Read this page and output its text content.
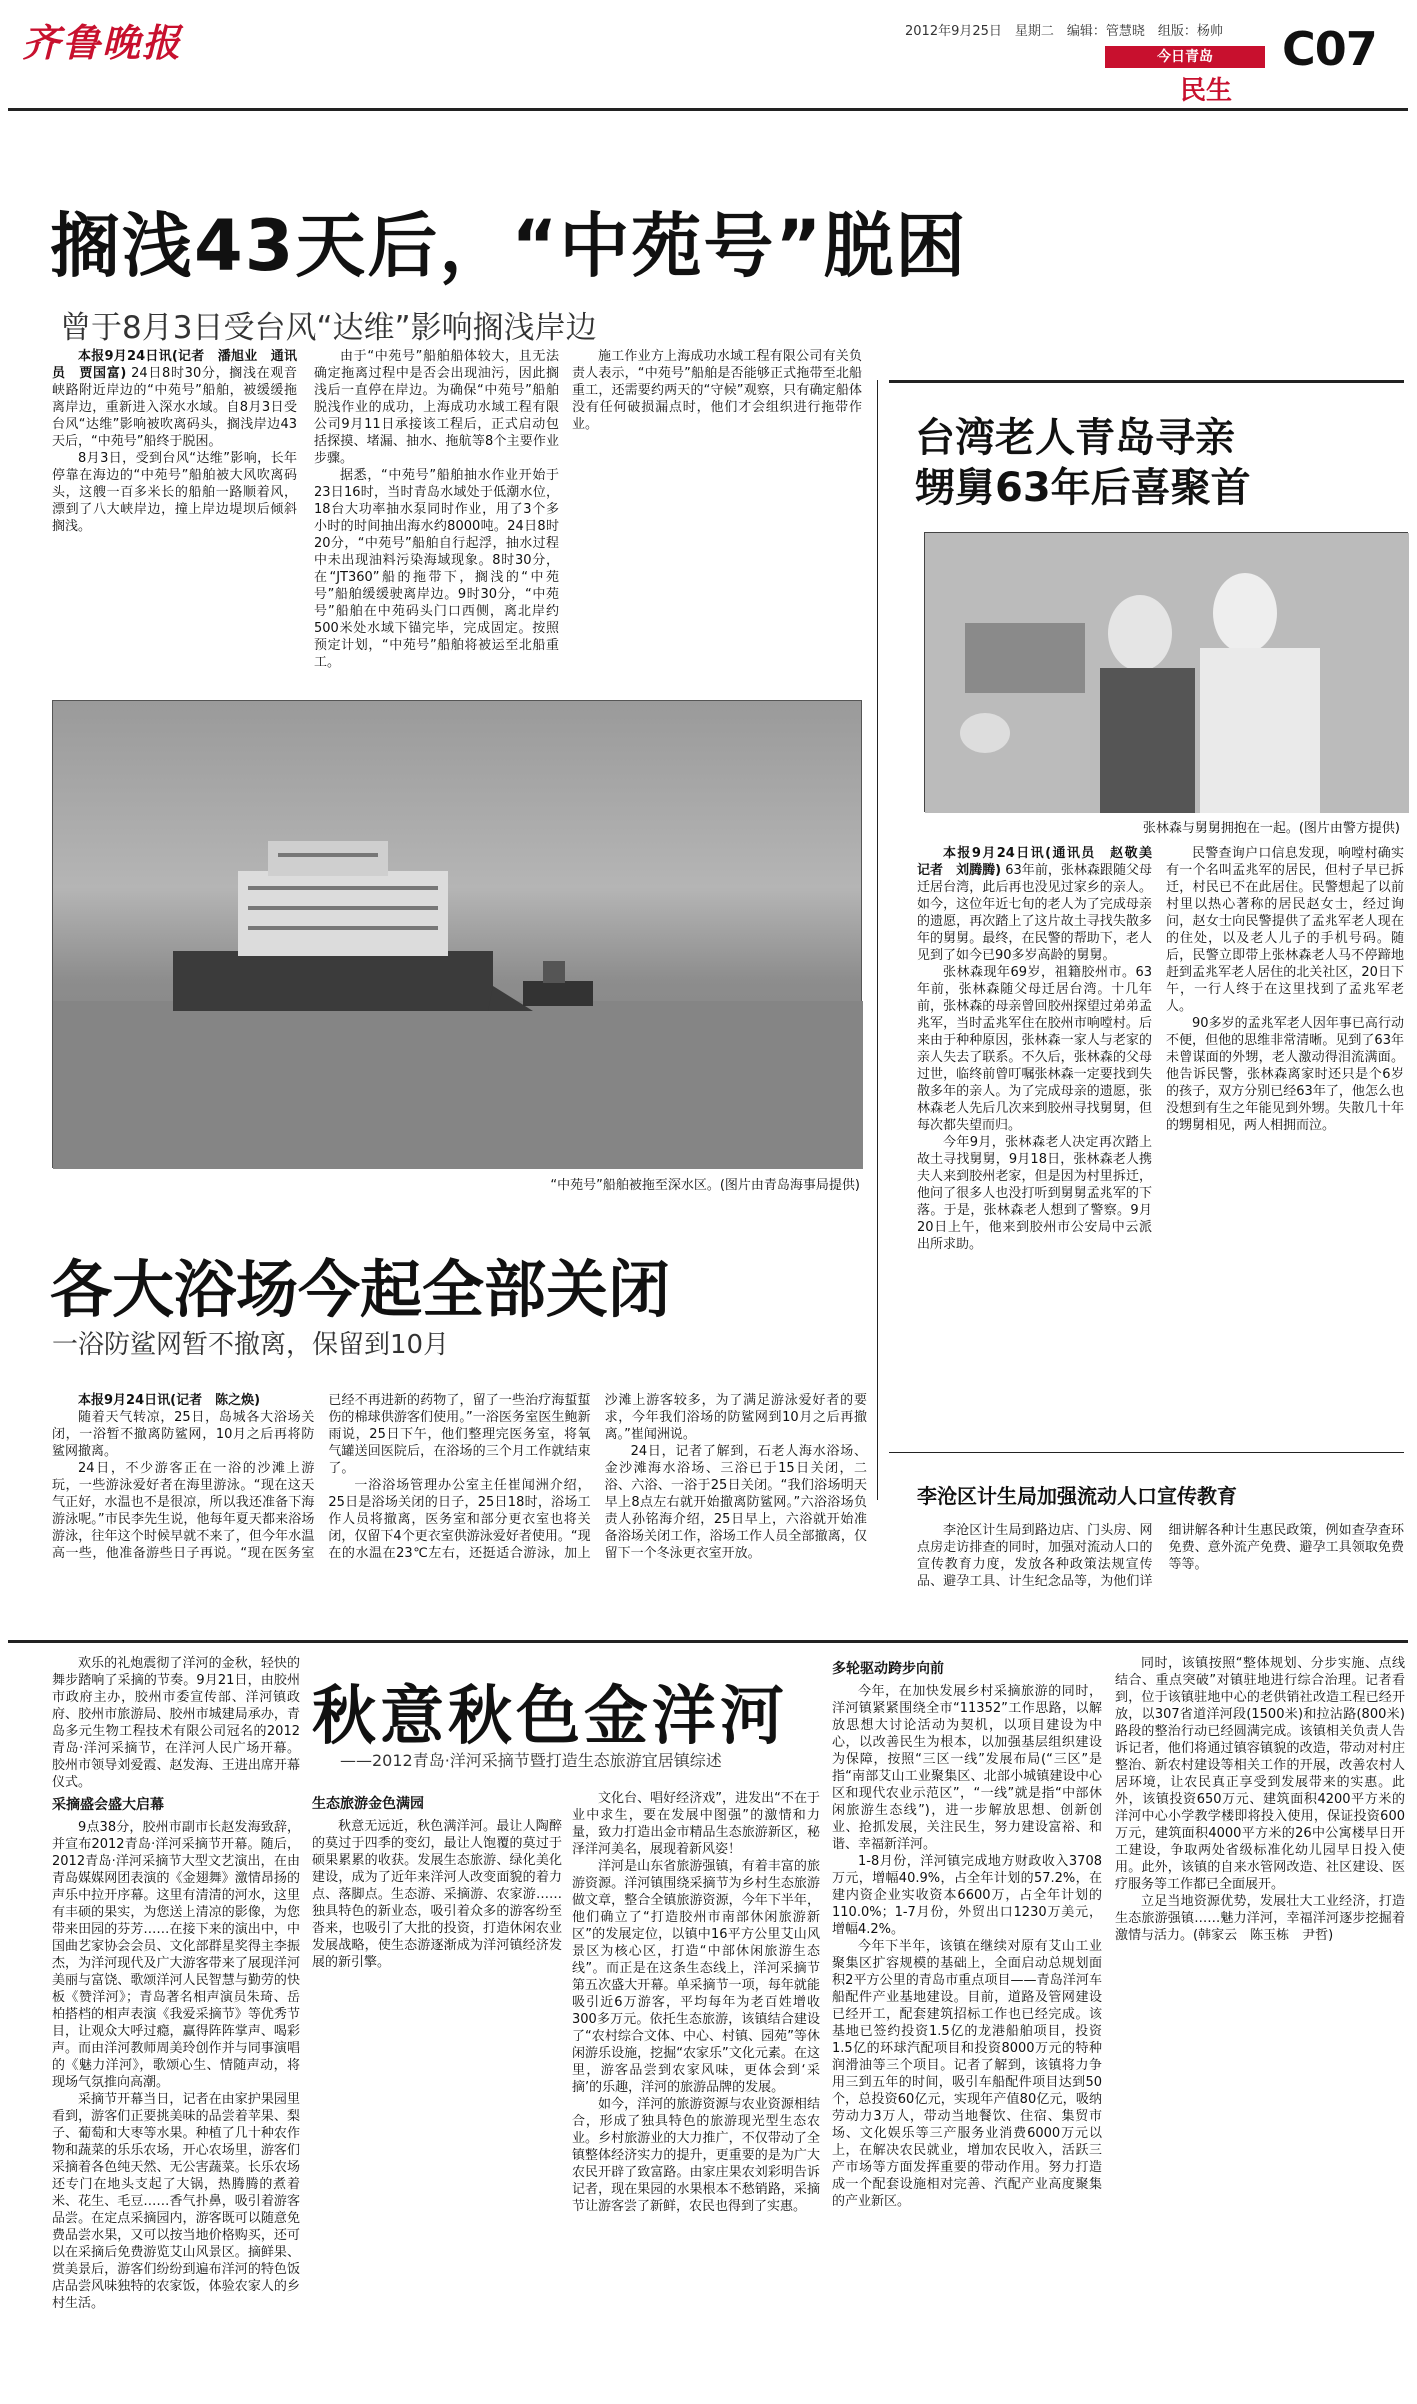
齐鲁晚报	2012年9月25日　星期二　编辑：管慧晓　组版：杨帅
今日青岛
民生
C07
搁浅43天后，“中苑号”脱困
曾于8月3日受台风“达维”影响搁浅岸边

本报9月24日讯(记者　潘旭业　通讯员　贾国富) 24日8时30分，搁浅在观音峡路附近岸边的“中苑号”船舶，被缓缓拖离岸边，重新进入深水水域。自8月3日受台风“达维”影响被吹离码头，搁浅岸边43天后，“中苑号”船终于脱困。

8月3日，受到台风“达维”影响，长年停靠在海边的“中苑号”船舶被大风吹离码头，这艘一百多米长的船舶一路顺着风，漂到了八大峡岸边，撞上岸边堤坝后倾斜搁浅。

由于“中苑号”船舶船体较大，且无法确定拖离过程中是否会出现油污，因此搁浅后一直停在岸边。为确保“中苑号”船舶脱浅作业的成功，上海成功水域工程有限公司9月11日承接该工程后，正式启动包括探摸、堵漏、抽水、拖航等8个主要作业步骤。

据悉，“中苑号”船舶抽水作业开始于23日16时，当时青岛水域处于低潮水位，18台大功率抽水泵同时作业，用了3个多小时的时间抽出海水约8000吨。24日8时20分，“中苑号”船舶自行起浮，抽水过程中未出现油料污染海域现象。8时30分，在“JT360”船的拖带下，搁浅的“中苑号”船舶缓缓驶离岸边。9时30分，“中苑号”船舶在中苑码头门口西侧，离北岸约500米处水域下锚完毕，完成固定。按照预定计划，“中苑号”船舶将被运至北船重工。

施工作业方上海成功水域工程有限公司有关负责人表示，“中苑号”船舶是否能够正式拖带至北船重工，还需要约两天的“守候”观察，只有确定船体没有任何破损漏点时，他们才会组织进行拖带作业。

“中苑号”船舶被拖至深水区。(图片由青岛海事局提供)
台湾老人青岛寻亲
甥舅63年后喜聚首
张林森与舅舅拥抱在一起。(图片由警方提供)

本报9月24日讯(通讯员　赵敬美　记者　刘腾腾) 63年前，张林森跟随父母迁居台湾，此后再也没见过家乡的亲人。如今，这位年近七旬的老人为了完成母亲的遗愿，再次踏上了这片故土寻找失散多年的舅舅。最终，在民警的帮助下，老人见到了如今已90多岁高龄的舅舅。

张林森现年69岁，祖籍胶州市。63年前，张林森随父母迁居台湾。十几年前，张林森的母亲曾回胶州探望过弟弟孟兆军，当时孟兆军住在胶州市响嘡村。后来由于种种原因，张林森一家人与老家的亲人失去了联系。不久后，张林森的父母过世，临终前曾叮嘱张林森一定要找到失散多年的亲人。为了完成母亲的遗愿，张林森老人先后几次来到胶州寻找舅舅，但每次都失望而归。

今年9月，张林森老人决定再次踏上故土寻找舅舅，9月18日，张林森老人携夫人来到胶州老家，但是因为村里拆迁，他问了很多人也没打听到舅舅孟兆军的下落。于是，张林森老人想到了警察。9月20日上午，他来到胶州市公安局中云派出所求助。

民警查询户口信息发现，响嘡村确实有一个名叫孟兆军的居民，但村子早已拆迁，村民已不在此居住。民警想起了以前村里以热心著称的居民赵女士，经过询问，赵女士向民警提供了孟兆军老人现在的住处，以及老人儿子的手机号码。随后，民警立即带上张林森老人马不停蹄地赶到孟兆军老人居住的北关社区，20日下午，一行人终于在这里找到了孟兆军老人。

90多岁的孟兆军老人因年事已高行动不便，但他的思维非常清晰。见到了63年未曾谋面的外甥，老人激动得泪流满面。他告诉民警，张林森离家时还只是个6岁的孩子，双方分别已经63年了，他怎么也没想到有生之年能见到外甥。失散几十年的甥舅相见，两人相拥而泣。

李沧区计生局加强流动人口宣传教育

李沧区计生局到路边店、门头房、网点房走访排查的同时，加强对流动人口的宣传教育力度，发放各种政策法规宣传品、避孕工具、计生纪念品等，为他们详细讲解各种计生惠民政策，例如查孕查环免费、意外流产免费、避孕工具领取免费等等。

各大浴场今起全部关闭
一浴防鲨网暂不撤离，保留到10月

本报9月24日讯(记者　陈之焕)

随着天气转凉，25日，岛城各大浴场关闭，一浴暂不撤离防鲨网，10月之后再将防鲨网撤离。

24日，不少游客正在一浴的沙滩上游玩，一些游泳爱好者在海里游泳。“现在这天气正好，水温也不是很凉，所以我还准备下海游泳呢。”市民李先生说，他每年夏天都来浴场游泳，往年这个时候早就不来了，但今年水温高一些，他准备游些日子再说。“现在医务室已经不再进新的药物了，留了一些治疗海蜇蜇伤的棉球供游客们使用。”一浴医务室医生鲍新雨说，25日下午，他们整理完医务室，将氧气罐送回医院后，在浴场的三个月工作就结束了。

一浴浴场管理办公室主任崔闻洲介绍，25日是浴场关闭的日子，25日18时，浴场工作人员将撤离，医务室和部分更衣室也将关闭，仅留下4个更衣室供游泳爱好者使用。“现在的水温在23℃左右，还挺适合游泳，加上沙滩上游客较多，为了满足游泳爱好者的要求，今年我们浴场的防鲨网到10月之后再撤离。”崔闻洲说。

24日，记者了解到，石老人海水浴场、金沙滩海水浴场、三浴已于15日关闭，二浴、六浴、一浴于25日关闭。“我们浴场明天早上8点左右就开始撤离防鲨网。”六浴浴场负责人孙铭海介绍，25日早上，六浴就开始准备浴场关闭工作，浴场工作人员全部撤离，仅留下一个冬泳更衣室开放。

秋意秋色金洋河
——2012青岛·洋河采摘节暨打造生态旅游宜居镇综述

欢乐的礼炮震彻了洋河的金秋，轻快的舞步踏响了采摘的节奏。9月21日，由胶州市政府主办，胶州市委宣传部、洋河镇政府、胶州市旅游局、胶州市城建局承办，青岛多元生物工程技术有限公司冠名的2012青岛·洋河采摘节，在洋河人民广场开幕。胶州市领导刘爱霞、赵发海、王进出席开幕仪式。

采摘盛会盛大启幕

9点38分，胶州市副市长赵发海致辞，并宣布2012青岛·洋河采摘节开幕。随后，2012青岛·洋河采摘节大型文艺演出，在由青岛媒媒网团表演的《金翅舞》激情昂扬的声乐中拉开序幕。这里有清清的河水，这里有丰硕的果实，为您送上清凉的影像，为您带来田园的芬芳……在接下来的演出中，中国曲艺家协会会员、文化部群星奖得主李振杰，为洋河现代及广大游客带来了展现洋河美丽与富饶、歌颂洋河人民智慧与勤劳的快板《赞洋河》；青岛著名相声演员朱琦、岳柏搭档的相声表演《我爱采摘节》等优秀节目，让观众大呼过瘾，赢得阵阵掌声、喝彩声。而由洋河教师周美玲创作并与同事演唱的《魅力洋河》，歌颂心生、情随声动，将现场气氛推向高潮。

采摘节开幕当日，记者在由家护果园里看到，游客们正要挑美味的品尝着苹果、梨子、葡萄和大枣等水果。种植了几十种农作物和蔬菜的乐乐农场，开心农场里，游客们采摘着各色纯天然、无公害蔬菜。长乐农场还专门在地头支起了大锅，热腾腾的煮着米、花生、毛豆……香气扑鼻，吸引着游客品尝。在定点采摘园内，游客既可以随意免费品尝水果，又可以按当地价格购买，还可以在采摘后免费游览艾山风景区。摘鲜果、赏美景后，游客们纷纷到遍布洋河的特色饭店品尝风味独特的农家饭，体验农家人的乡村生活。

生态旅游金色满园

秋意无远近，秋色满洋河。最让人陶醉的莫过于四季的变幻，最让人饱覆的莫过于硕果累累的收获。发展生态旅游、绿化美化建设，成为了近年来洋河人改变面貌的着力点、落脚点。生态游、采摘游、农家游……独具特色的新业态，吸引着众多的游客纷至沓来，也吸引了大批的投资，打造休闲农业发展战略，使生态游逐渐成为洋河镇经济发展的新引擎。

文化台、唱好经济戏”，进发出“不在于业中求生，要在发展中图强”的激情和力量，致力打造出金市精品生态旅游新区，秘泽洋河美名，展现着新风姿！

洋河是山东省旅游强镇，有着丰富的旅游资源。洋河镇围绕采摘节为乡村生态旅游做文章，整合全镇旅游资源，今年下半年，他们确立了“打造胶州市南部休闲旅游新区”的发展定位，以镇中16平方公里艾山风景区为核心区，打造“中部休闲旅游生态线”。而正是在这条生态线上，洋河采摘节第五次盛大开幕。单采摘节一项，每年就能吸引近6万游客，平均每年为老百姓增收300多万元。依托生态旅游，该镇结合建设了“农村综合文体、中心、村镇、园苑”等休闲游乐设施，挖掘“农家乐”文化元素。在这里，游客品尝到农家风味，更体会到‘采摘’的乐趣，洋河的旅游品牌的发展。

如今，洋河的旅游资源与农业资源相结合，形成了独具特色的旅游现光型生态农业。乡村旅游业的大力推广，不仅带动了全镇整体经济实力的提升，更重要的是为广大农民开辟了致富路。由家庄果农刘彩明告诉记者，现在果园的水果根本不愁销路，采摘节让游客尝了新鲜，农民也得到了实惠。

多轮驱动跨步向前

今年，在加快发展乡村采摘旅游的同时，洋河镇紧紧围绕全市“11352”工作思路，以解放思想大讨论活动为契机，以项目建设为中心，以改善民生为根本，以加强基层组织建设为保障，按照“三区一线”发展布局(“三区”是指“南部艾山工业聚集区、北部小城镇建设中心区和现代农业示范区”，“一线”就是指“中部休闲旅游生态线”)，进一步解放思想、创新创业、抢抓发展，关注民生，努力建设富裕、和谐、幸福新洋河。

1-8月份，洋河镇完成地方财政收入3708万元，增幅40.9%，占全年计划的57.2%，在建内资企业实收资本6600万，占全年计划的110.0%；1-7月份，外贸出口1230万美元，增幅4.2%。

今年下半年，该镇在继续对原有艾山工业聚集区扩容规模的基础上，全面启动总规划面积2平方公里的青岛市重点项目——青岛洋河车船配件产业基地建设。目前，道路及管网建设已经开工，配套建筑招标工作也已经完成。该基地已签约投资1.5亿的龙港船舶项目，投资1.5亿的环球汽配项目和投资8000万元的特种润滑油等三个项目。记者了解到，该镇将力争用三到五年的时间，吸引车船配件项目达到50个，总投资60亿元，实现年产值80亿元，吸纳劳动力3万人，带动当地餐饮、住宿、集贸市场、文化娱乐等三产服务业消费6000万元以上，在解决农民就业，增加农民收入，活跃三产市场等方面发挥重要的带动作用。努力打造成一个配套设施相对完善、汽配产业高度聚集的产业新区。

同时，该镇按照“整体规划、分步实施、点线结合、重点突破”对镇驻地进行综合治理。记者看到，位于该镇驻地中心的老供销社改造工程已经开放，以307省道洋河段(1500米)和拉沾路(800米)路段的整治行动已经圆满完成。该镇相关负责人告诉记者，他们将通过镇容镇貌的改造，带动对村庄整治、新农村建设等相关工作的开展，改善农村人居环境，让农民真正享受到发展带来的实惠。此外，该镇投资650万元、建筑面积4200平方米的洋河中心小学教学楼即将投入使用，保证投资600万元，建筑面积4000平方米的26中公寓楼早日开工建设，争取两处省级标准化幼儿园早日投入使用。此外，该镇的自来水管网改造、社区建设、医疗服务等工作都已全面展开。

立足当地资源优势，发展壮大工业经济，打造生态旅游强镇……魅力洋河，幸福洋河逐步挖掘着激情与活力。(韩家云　陈玉栋　尹哲)
